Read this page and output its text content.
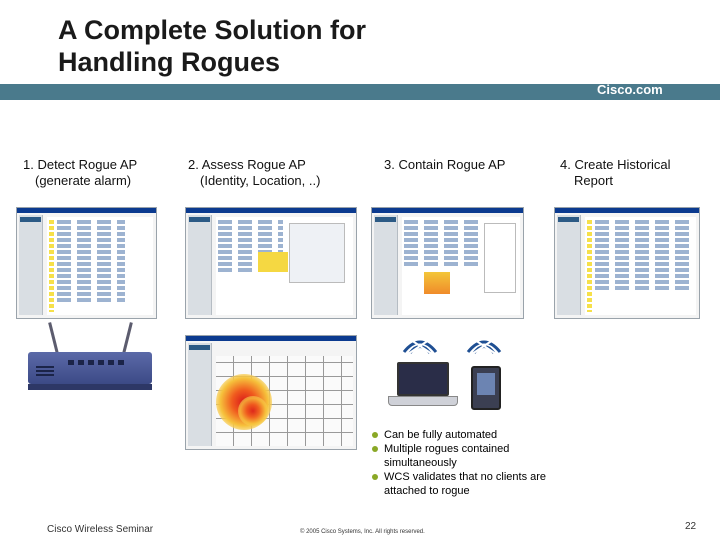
A Complete Solution for
Handling Rogues
Cisco.com
1. Detect Rogue AP
(generate alarm)
2. Assess Rogue AP
(Identity, Location, ..)
3. Contain Rogue AP	4. Create Historical
Report
Can be fully automated
Multiple rogues contained simultaneously
WCS validates that no clients are attached to rogue
Cisco Wireless Seminar	© 2005 Cisco Systems, Inc. All rights reserved.	22
